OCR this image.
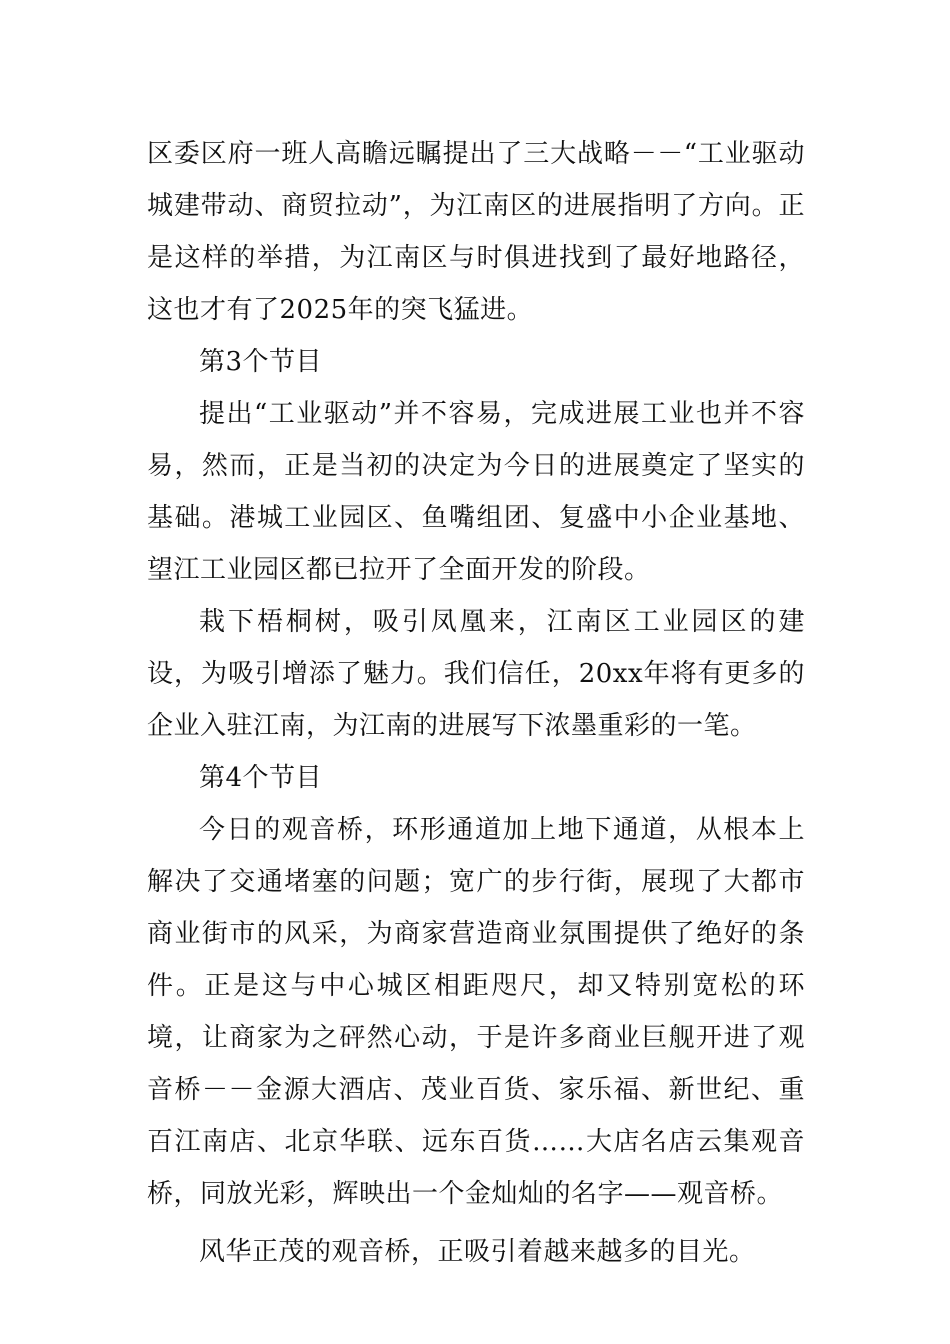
区委区府一班人高瞻远瞩提出了三大战略－－“工业驱动城建带动、商贸拉动”，为江南区的进展指明了方向。正是这样的举措，为江南区与时俱进找到了最好地路径，这也才有了2025年的突飞猛进。

第3个节目

提出“工业驱动”并不容易，完成进展工业也并不容易，然而，正是当初的决定为今日的进展奠定了坚实的基础。港城工业园区、鱼嘴组团、复盛中小企业基地、望江工业园区都已拉开了全面开发的阶段。

栽下梧桐树，吸引凤凰来，江南区工业园区的建设，为吸引增添了魅力。我们信任，20xx年将有更多的企业入驻江南，为江南的进展写下浓墨重彩的一笔。

第4个节目

今日的观音桥，环形通道加上地下通道，从根本上解决了交通堵塞的问题；宽广的步行街，展现了大都市商业街市的风采，为商家营造商业氛围提供了绝好的条件。正是这与中心城区相距咫尺，却又特别宽松的环境，让商家为之砰然心动，于是许多商业巨舰开进了观音桥－－金源大酒店、茂业百货、家乐福、新世纪、重百江南店、北京华联、远东百货……大店名店云集观音桥，同放光彩，辉映出一个金灿灿的名字——观音桥。

风华正茂的观音桥，正吸引着越来越多的目光。
